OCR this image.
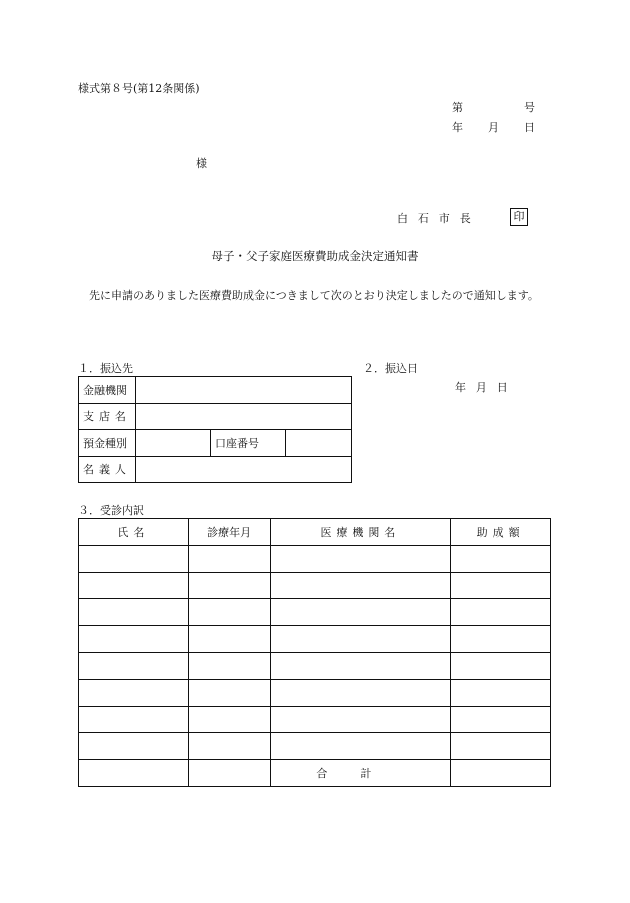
様式第８号(第12条関係)
第	号
年 月 日
様
白石市長	印
母子・父子家庭医療費助成金決定通知書
先に申請のありました医療費助成金につきまして次のとおり決定しましたので通知します。
１．振込先	２．振込日
年月日
金融機関			
支店名			
預金種別		口座番号	
名義人			
３．受診内訳
氏名	診療年月	医療機関名	助成額

		合計	
